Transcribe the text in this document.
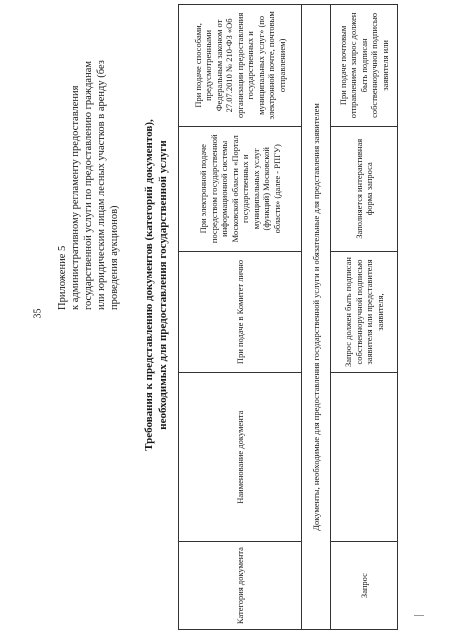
35
Приложение 5 к административному регламенту предоставления государственной услуги по предоставлению гражданам или юридическим лицам лесных участков в аренду (без проведения аукционов) Требования к представлению документов (категорий документов), необходимых для предоставления государственной услуги
Категория документа	Наименование документа	При подаче в Комитет лично	При электронной подаче посредством государственной информационной системы Московской области «Портал государственных и муниципальных услуг (функций) Московской области» (далее - РПГУ)	При подаче способами, предусмотренными Федеральным законом от 27.07.2010 № 210-ФЗ «Об организации предоставления государственных и муниципальных услуг» (по электронной почте, почтовым отправлением)
Документы, необходимые для предоставления государственной услуги и обязательные для представления заявителем				
Запрос		Запрос должен быть подписан собственноручной подписью заявителя или представителя заявителя,	Заполняется интерактивная форма запроса	При подаче почтовым отправлением запрос должен быть подписан собственноручной подписью заявителя или
